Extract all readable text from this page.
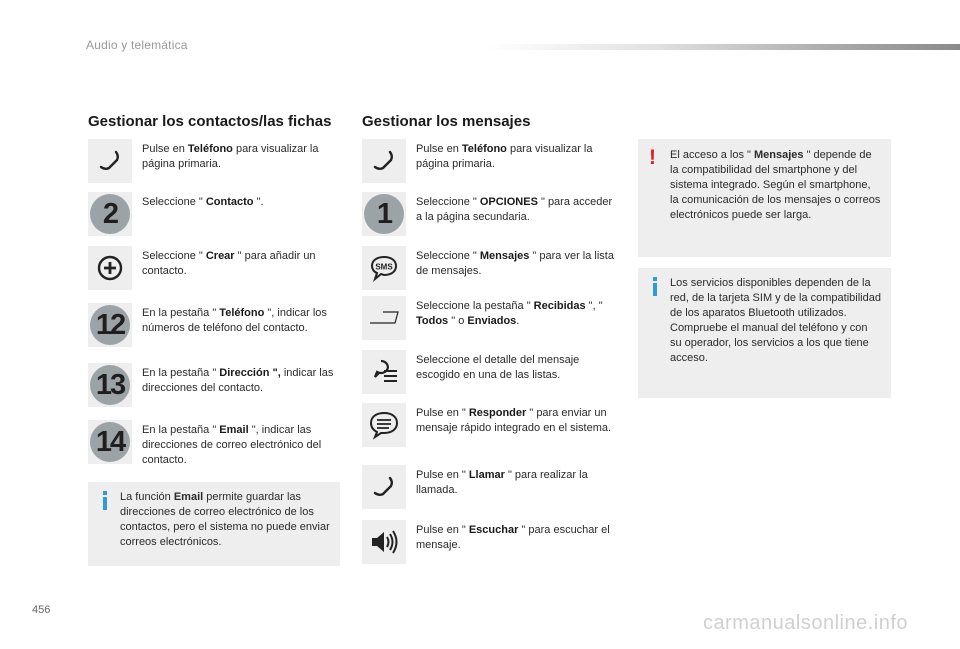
Audio y telemática
Gestionar los contactos/las fichas
Pulse en Teléfono para visualizar la página primaria.
2	Seleccione " Contacto ".
Seleccione " Crear " para añadir un contacto.
12	En la pestaña " Teléfono ", indicar los números de teléfono del contacto.
13	En la pestaña " Dirección ", indicar las direcciones del contacto.
14	En la pestaña " Email ", indicar las direcciones de correo electrónico del contacto.
La función Email permite guardar las direcciones de correo electrónico de los contactos, pero el sistema no puede enviar correos electrónicos.
Gestionar los mensajes
Pulse en Teléfono para visualizar la página primaria.
1	Seleccione " OPCIONES " para acceder a la página secundaria.
SMS
Seleccione " Mensajes " para ver la lista de mensajes.
Seleccione la pestaña " Recibidas ", " Todos " o Enviados.
Seleccione el detalle del mensaje escogido en una de las listas.
Pulse en " Responder " para enviar un mensaje rápido integrado en el sistema.
Pulse en " Llamar " para realizar la llamada.
Pulse en " Escuchar " para escuchar el mensaje.
! El acceso a los " Mensajes " depende de la compatibilidad del smartphone y del sistema integrado. Según el smartphone, la comunicación de los mensajes o correos electrónicos puede ser larga.
Los servicios disponibles dependen de la red, de la tarjeta SIM y de la compatibilidad de los aparatos Bluetooth utilizados. Compruebe el manual del teléfono y con su operador, los servicios a los que tiene acceso.
456
carmanualsonline.info
